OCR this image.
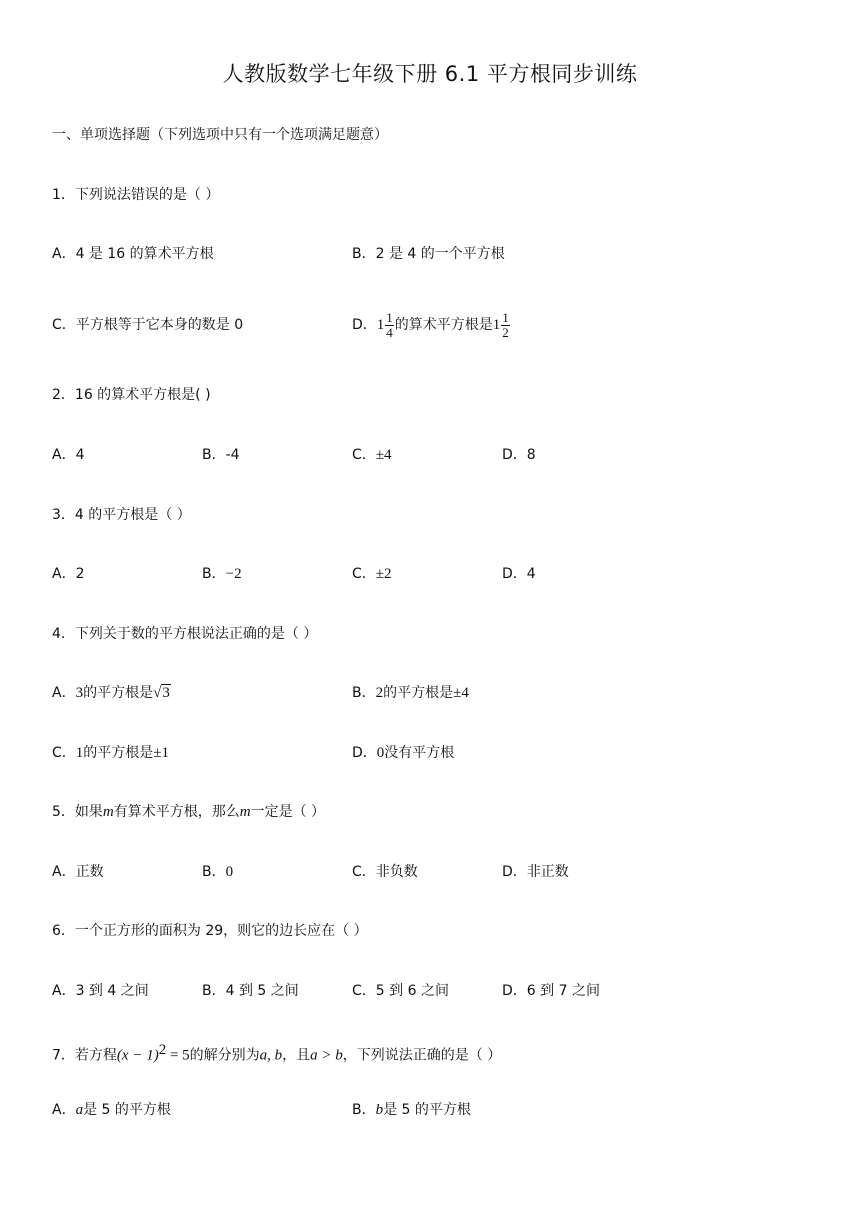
人教版数学七年级下册 6.1 平方根同步训练
一、单项选择题（下列选项中只有一个选项满足题意）
1．下列说法错误的是（ ）
A．4 是 16 的算术平方根	B．2 是 4 的一个平方根
C．平方根等于它本身的数是 0	D．$1 \frac{1}{4}$ 的算术平方根是$1 \frac{1}{2}$
2．16 的算术平方根是( )
A．4	B．-4	C．±4	D．8
3．4 的平方根是（ ）
A．2	B．−2	C．±2	D．4
4．下列关于数的平方根说法正确的是（ ）
A．3的平方根是√3	B．2的平方根是±4
C．1的平方根是±1	D．0没有平方根
5．如果m有算术平方根，那么m一定是（ ）
A．正数	B．0	C．非负数	D．非正数
6．一个正方形的面积为 29，则它的边长应在（ ）
A．3 到 4 之间	B．4 到 5 之间	C．5 到 6 之间	D．6 到 7 之间
7．若方程$(x - 1)^2 = 5$的解分别为a, b，且a > b，下列说法正确的是（ ）
A．a是 5 的平方根	B．b是 5 的平方根
